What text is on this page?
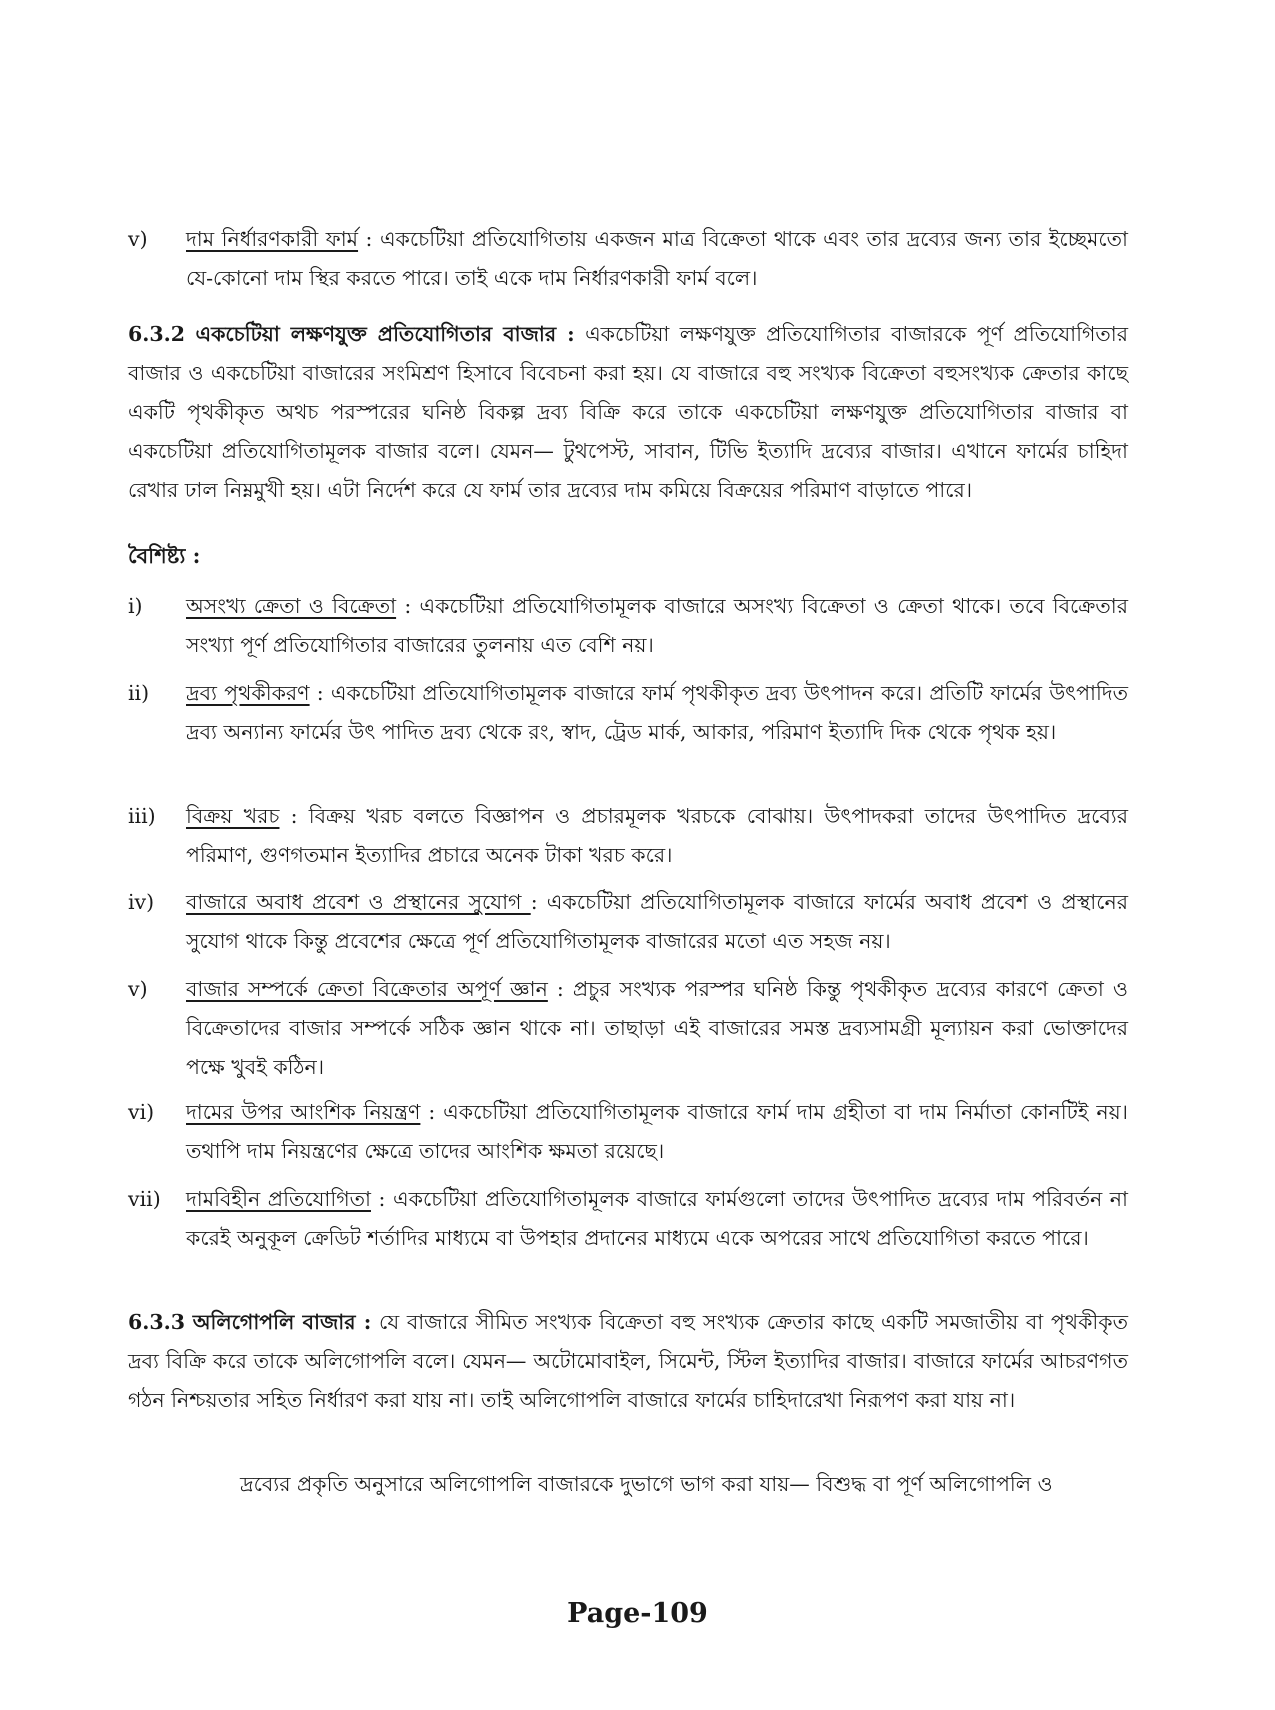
v)	দাম নির্ধারণকারী ফার্ম : একচেটিয়া প্রতিযোগিতায় একজন মাত্র বিক্রেতা থাকে এবং তার দ্রব্যের জন্য তার ইচ্ছেমতো যে-কোনো দাম স্থির করতে পারে। তাই একে দাম নির্ধারণকারী ফার্ম বলে।

6.3.2 একচেটিয়া লক্ষণযুক্ত প্রতিযোগিতার বাজার : একচেটিয়া লক্ষণযুক্ত প্রতিযোগিতার বাজারকে পূর্ণ প্রতিযোগিতার বাজার ও একচেটিয়া বাজারের সংমিশ্রণ হিসাবে বিবেচনা করা হয়। যে বাজারে বহু সংখ্যক বিক্রেতা বহুসংখ্যক ক্রেতার কাছে একটি পৃথকীকৃত অথচ পরস্পরের ঘনিষ্ঠ বিকল্প দ্রব্য বিক্রি করে তাকে একচেটিয়া লক্ষণযুক্ত প্রতিযোগিতার বাজার বা একচেটিয়া প্রতিযোগিতামূলক বাজার বলে। যেমন— টুথপেস্ট, সাবান, টিভি ইত্যাদি দ্রব্যের বাজার। এখানে ফার্মের চাহিদা রেখার ঢাল নিম্নমুখী হয়। এটা নির্দেশ করে যে ফার্ম তার দ্রব্যের দাম কমিয়ে বিক্রয়ের পরিমাণ বাড়াতে পারে।

বৈশিষ্ট্য :

i)	অসংখ্য ক্রেতা ও বিক্রেতা : একচেটিয়া প্রতিযোগিতামূলক বাজারে অসংখ্য বিক্রেতা ও ক্রেতা থাকে। তবে বিক্রেতার সংখ্যা পূর্ণ প্রতিযোগিতার বাজারের তুলনায় এত বেশি নয়।

ii)	দ্রব্য পৃথকীকরণ : একচেটিয়া প্রতিযোগিতামূলক বাজারে ফার্ম পৃথকীকৃত দ্রব্য উৎপাদন করে। প্রতিটি ফার্মের উৎপাদিত দ্রব্য অন্যান্য ফার্মের উৎ পাদিত দ্রব্য থেকে রং, স্বাদ, ট্রেড মার্ক, আকার, পরিমাণ ইত্যাদি দিক থেকে পৃথক হয়।

iii)	বিক্রয় খরচ : বিক্রয় খরচ বলতে বিজ্ঞাপন ও প্রচারমূলক খরচকে বোঝায়। উৎপাদকরা তাদের উৎপাদিত দ্রব্যের পরিমাণ, গুণগতমান ইত্যাদির প্রচারে অনেক টাকা খরচ করে।

iv)	বাজারে অবাধ প্রবেশ ও প্রস্থানের সুযোগ : একচেটিয়া প্রতিযোগিতামূলক বাজারে ফার্মের অবাধ প্রবেশ ও প্রস্থানের সুযোগ থাকে কিন্তু প্রবেশের ক্ষেত্রে পূর্ণ প্রতিযোগিতামূলক বাজারের মতো এত সহজ নয়।

v)	বাজার সম্পর্কে ক্রেতা বিক্রেতার অপূর্ণ জ্ঞান : প্রচুর সংখ্যক পরস্পর ঘনিষ্ঠ কিন্তু পৃথকীকৃত দ্রব্যের কারণে ক্রেতা ও বিক্রেতাদের বাজার সম্পর্কে সঠিক জ্ঞান থাকে না। তাছাড়া এই বাজারের সমস্ত দ্রব্যসামগ্রী মূল্যায়ন করা ভোক্তাদের পক্ষে খুবই কঠিন।

vi)	দামের উপর আংশিক নিয়ন্ত্রণ : একচেটিয়া প্রতিযোগিতামূলক বাজারে ফার্ম দাম গ্রহীতা বা দাম নির্মাতা কোনটিই নয়। তথাপি দাম নিয়ন্ত্রণের ক্ষেত্রে তাদের আংশিক ক্ষমতা রয়েছে।

vii)	দামবিহীন প্রতিযোগিতা : একচেটিয়া প্রতিযোগিতামূলক বাজারে ফার্মগুলো তাদের উৎপাদিত দ্রব্যের দাম পরিবর্তন না করেই অনুকূল ক্রেডিট শর্তাদির মাধ্যমে বা উপহার প্রদানের মাধ্যমে একে অপরের সাথে প্রতিযোগিতা করতে পারে।

6.3.3 অলিগোপলি বাজার : যে বাজারে সীমিত সংখ্যক বিক্রেতা বহু সংখ্যক ক্রেতার কাছে একটি সমজাতীয় বা পৃথকীকৃত দ্রব্য বিক্রি করে তাকে অলিগোপলি বলে। যেমন— অটোমোবাইল, সিমেন্ট, স্টিল ইত্যাদির বাজার। বাজারে ফার্মের আচরণগত গঠন নিশ্চয়তার সহিত নির্ধারণ করা যায় না। তাই অলিগোপলি বাজারে ফার্মের চাহিদারেখা নিরূপণ করা যায় না।

দ্রব্যের প্রকৃতি অনুসারে অলিগোপলি বাজারকে দুভাগে ভাগ করা যায়— বিশুদ্ধ বা পূর্ণ অলিগোপলি ও

Page-109
